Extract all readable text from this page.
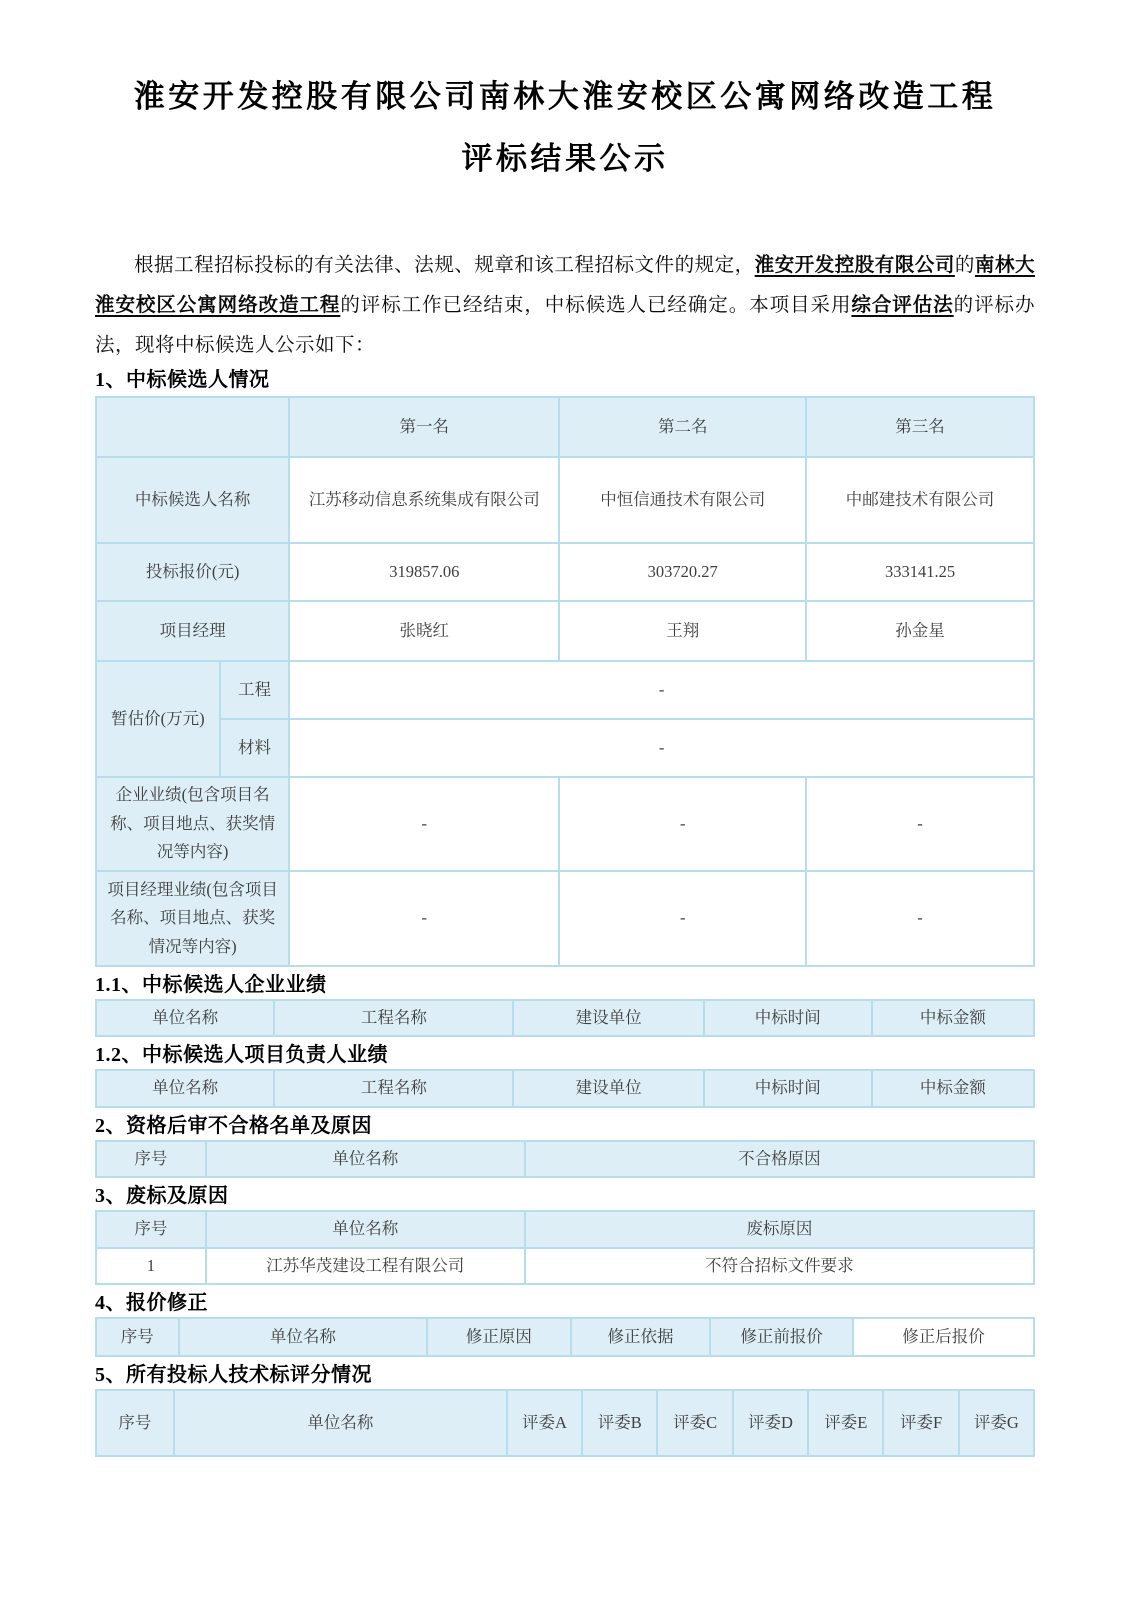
淮安开发控股有限公司南林大淮安校区公寓网络改造工程
评标结果公示

根据工程招标投标的有关法律、法规、规章和该工程招标文件的规定，淮安开发控股有限公司的南林大淮安校区公寓网络改造工程的评标工作已经结束，中标候选人已经确定。本项目采用综合评估法的评标办法，现将中标候选人公示如下：

1、中标候选人情况
		第一名	第二名	第三名
中标候选人名称		江苏移动信息系统集成有限公司	中恒信通技术有限公司	中邮建技术有限公司
投标报价(元)		319857.06	303720.27	333141.25
项目经理		张晓红	王翔	孙金星
暂估价(万元)	工程	-		
	材料	-		
企业业绩(包含项目名称、项目地点、获奖情况等内容)		-	-	-
项目经理业绩(包含项目名称、项目地点、获奖情况等内容)		-	-	-
1.1、中标候选人企业业绩
单位名称	工程名称	建设单位	中标时间	中标金额
1.2、中标候选人项目负责人业绩
单位名称	工程名称	建设单位	中标时间	中标金额
2、资格后审不合格名单及原因
序号	单位名称	不合格原因
3、废标及原因
序号	单位名称	废标原因
1	江苏华茂建设工程有限公司	不符合招标文件要求
4、报价修正
序号	单位名称	修正原因	修正依据	修正前报价	修正后报价
5、所有投标人技术标评分情况
序号	单位名称	评委A	评委B	评委C	评委D	评委E	评委F	评委G
